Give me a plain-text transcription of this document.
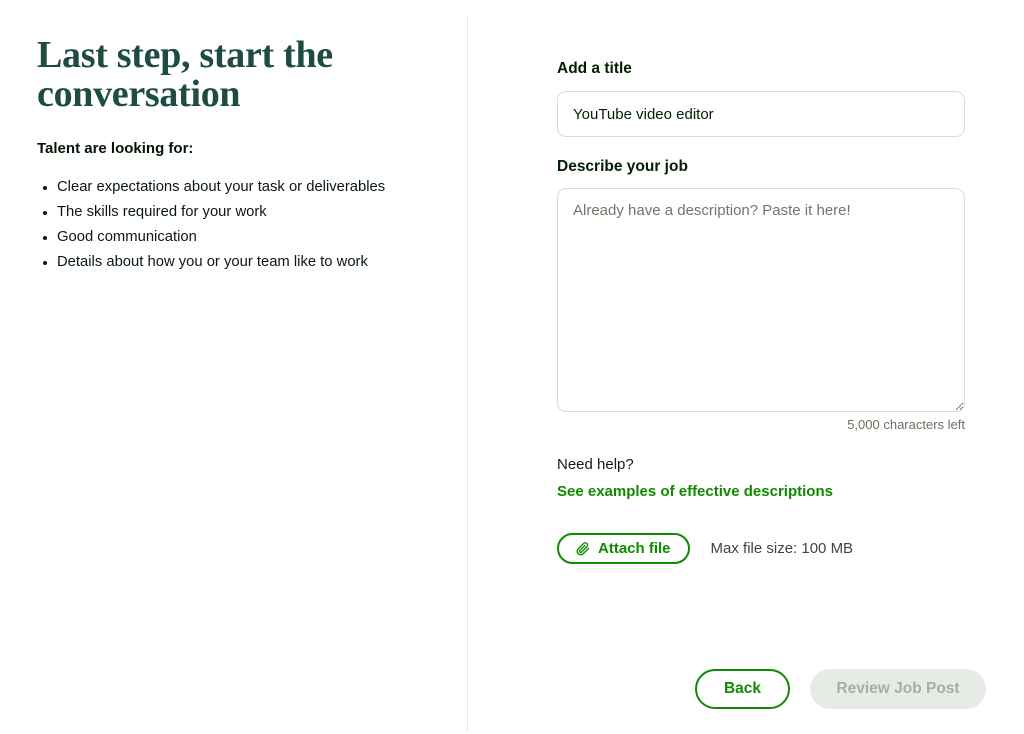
Last step, start the conversation
Talent are looking for:
• Clear expectations about your task or deliverables
• The skills required for your work
• Good communication
• Details about how you or your team like to work
Add a title
YouTube video editor
Describe your job
Already have a description? Paste it here!
5,000 characters left
Need help?
See examples of effective descriptions
Attach file	Max file size: 100 MB
Back	Review Job Post
